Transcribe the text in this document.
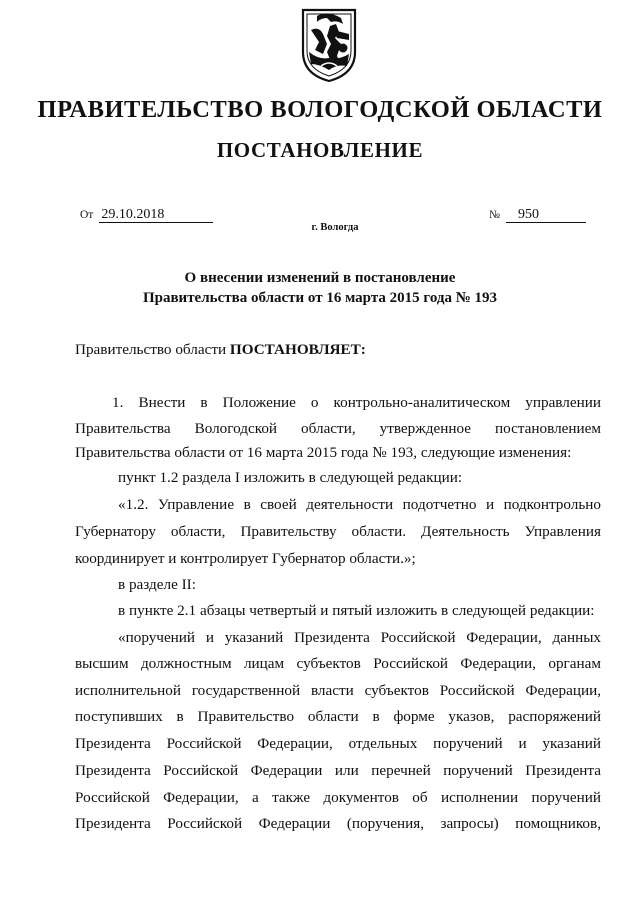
ПРАВИТЕЛЬСТВО ВОЛОГОДСКОЙ ОБЛАСТИ
ПОСТАНОВЛЕНИЕ
От 29.10.2018	№ 950
г. Вологда
О внесении изменений в постановление
Правительства области от 16 марта 2015 года № 193
Правительство области ПОСТАНОВЛЯЕТ:
1. Внести в Положение о контрольно-аналитическом управлении
Правительства Вологодской области, утвержденное постановлением
Правительства области от 16 марта 2015 года № 193, следующие изменения:
пункт 1.2 раздела I изложить в следующей редакции:
«1.2. Управление в своей деятельности подотчетно и подконтрольно
Губернатору области, Правительству области. Деятельность Управления
координирует и контролирует Губернатор области.»;
в разделе II:
в пункте 2.1 абзацы четвертый и пятый изложить в следующей редакции:
«поручений и указаний Президента Российской Федерации, данных
высшим должностным лицам субъектов Российской Федерации, органам
исполнительной государственной власти субъектов Российской Федерации,
поступивших в Правительство области в форме указов, распоряжений
Президента Российской Федерации, отдельных поручений и указаний
Президента Российской Федерации или перечней поручений Президента
Российской Федерации, а также документов об исполнении поручений
Президента Российской Федерации (поручения, запросы) помощников,
